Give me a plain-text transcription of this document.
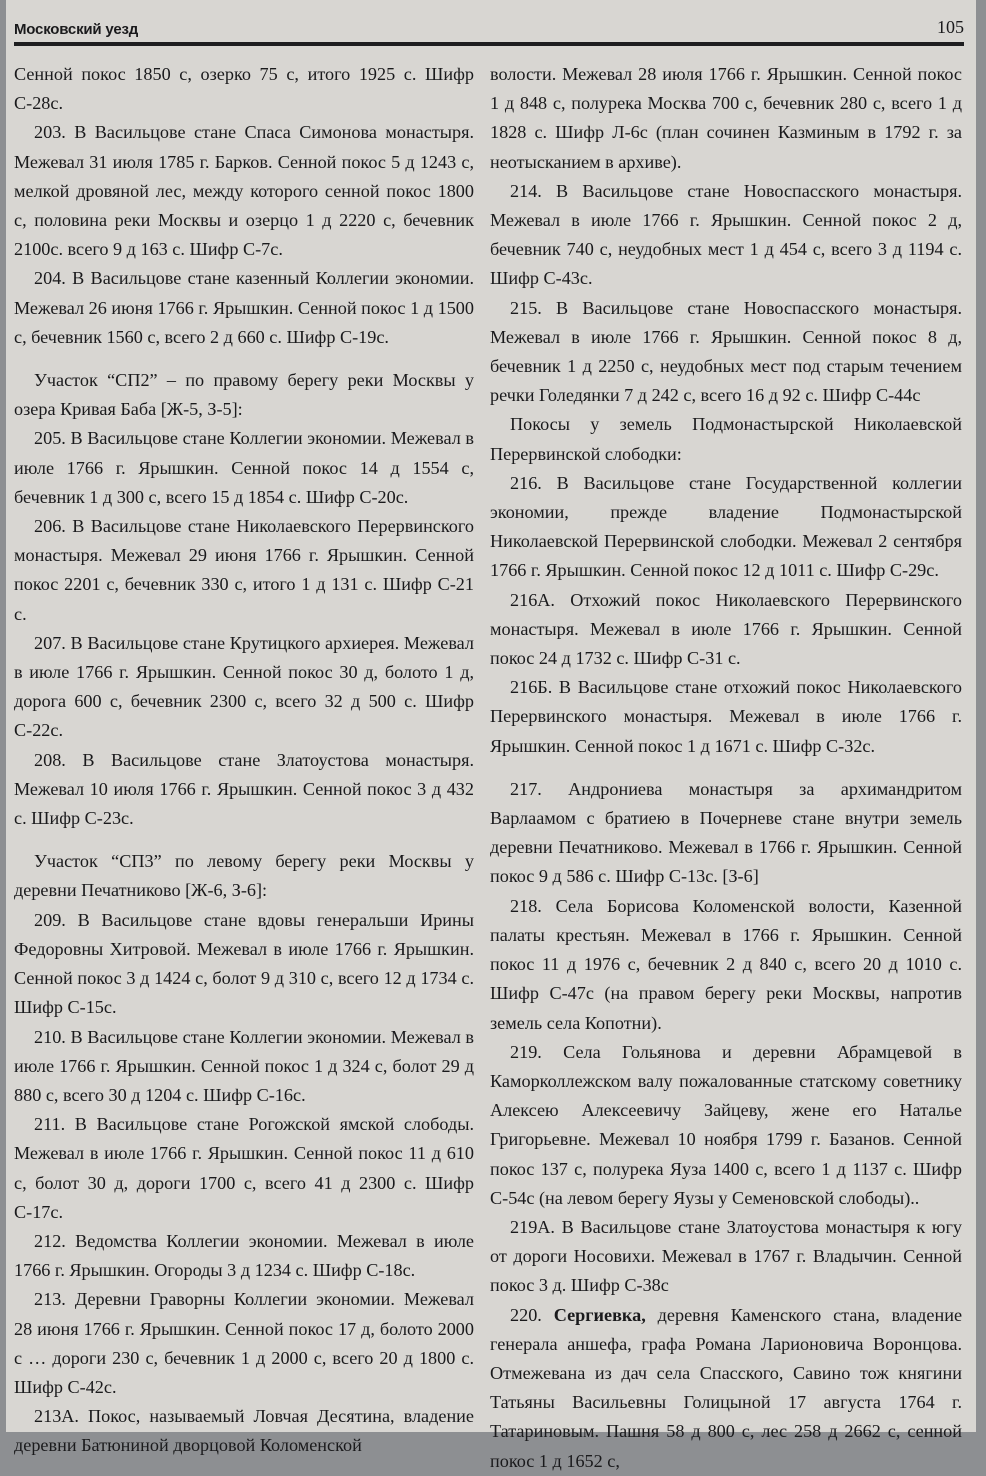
Московский уезд	105

Сенной покос 1850 с, озерко 75 с, итого 1925 с. Шифр С-28с.

203. В Васильцове стане Спаса Симонова монастыря. Межевал 31 июля 1785 г. Барков. Сенной покос 5 д 1243 с, мелкой дровяной лес, между которого сенной покос 1800 с, половина реки Москвы и озерцо 1 д 2220 с, бечевник 2100с. всего 9 д 163 с. Шифр С-7с.

204. В Васильцове стане казенный Коллегии экономии. Межевал 26 июня 1766 г. Ярышкин. Сенной покос 1 д 1500 с, бечевник 1560 с, всего 2 д 660 с. Шифр С-19с.

Участок “СП2” – по правому берегу реки Москвы у озера Кривая Баба [Ж-5, З-5]:

205. В Васильцове стане Коллегии экономии. Межевал в июле 1766 г. Ярышкин. Сенной покос 14 д 1554 с, бечевник 1 д 300 с, всего 15 д 1854 с. Шифр С-20с.

206. В Васильцове стане Николаевского Перервинского монастыря. Межевал 29 июня 1766 г. Ярышкин. Сенной покос 2201 с, бечевник 330 с, итого 1 д 131 с. Шифр С-21 с.

207. В Васильцове стане Крутицкого архиерея. Межевал в июле 1766 г. Ярышкин. Сенной покос 30 д, болото 1 д, дорога 600 с, бечевник 2300 с, всего 32 д 500 с. Шифр С-22с.

208. В Васильцове стане Златоустова монастыря. Межевал 10 июля 1766 г. Ярышкин. Сенной покос 3 д 432 с. Шифр С-23с.

Участок “СП3” по левому берегу реки Москвы у деревни Печатниково [Ж-6, З-6]:

209. В Васильцове стане вдовы генеральши Ирины Федоровны Хитровой. Межевал в июле 1766 г. Ярышкин. Сенной покос 3 д 1424 с, болот 9 д 310 с, всего 12 д 1734 с. Шифр С-15с.

210. В Васильцове стане Коллегии экономии. Межевал в июле 1766 г. Ярышкин. Сенной покос 1 д 324 с, болот 29 д 880 с, всего 30 д 1204 с. Шифр С-16с.

211. В Васильцове стане Рогожской ямской слободы. Межевал в июле 1766 г. Ярышкин. Сенной покос 11 д 610 с, болот 30 д, дороги 1700 с, всего 41 д 2300 с. Шифр С-17с.

212. Ведомства Коллегии экономии. Межевал в июле 1766 г. Ярышкин. Огороды 3 д 1234 с. Шифр С-18с.

213. Деревни Граворны Коллегии экономии. Межевал 28 июня 1766 г. Ярышкин. Сенной покос 17 д, болото 2000 с … дороги 230 с, бечевник 1 д 2000 с, всего 20 д 1800 с. Шифр С-42с.

213А. Покос, называемый Ловчая Десятина, владение деревни Батюниной дворцовой Коломенской

волости. Межевал 28 июля 1766 г. Ярышкин. Сенной покос 1 д 848 с, полурека Москва 700 с, бечевник 280 с, всего 1 д 1828 с. Шифр Л-6с (план сочинен Казминым в 1792 г. за неотысканием в архиве).

214. В Васильцове стане Новоспасского монастыря. Межевал в июле 1766 г. Ярышкин. Сенной покос 2 д, бечевник 740 с, неудобных мест 1 д 454 с, всего 3 д 1194 с. Шифр С-43с.

215. В Васильцове стане Новоспасского монастыря. Межевал в июле 1766 г. Ярышкин. Сенной покос 8 д, бечевник 1 д 2250 с, неудобных мест под старым течением речки Голедянки 7 д 242 с, всего 16 д 92 с. Шифр С-44с

Покосы у земель Подмонастырской Николаевской Перервинской слободки:

216. В Васильцове стане Государственной коллегии экономии, прежде владение Подмонастырской Николаевской Перервинской слободки. Межевал 2 сентября 1766 г. Ярышкин. Сенной покос 12 д 1011 с. Шифр С-29с.

216А. Отхожий покос Николаевского Перервинского монастыря. Межевал в июле 1766 г. Ярышкин. Сенной покос 24 д 1732 с. Шифр С-31 с.

216Б. В Васильцове стане отхожий покос Николаевского Перервинского монастыря. Межевал в июле 1766 г. Ярышкин. Сенной покос 1 д 1671 с. Шифр С-32с.

217. Андрониева монастыря за архимандритом Варлаамом с братиею в Почерневе стане внутри земель деревни Печатниково. Межевал в 1766 г. Ярышкин. Сенной покос 9 д 586 с. Шифр С-13с. [З-6]

218. Села Борисова Коломенской волости, Казенной палаты крестьян. Межевал в 1766 г. Ярышкин. Сенной покос 11 д 1976 с, бечевник 2 д 840 с, всего 20 д 1010 с. Шифр С-47с (на правом берегу реки Москвы, напротив земель села Копотни).

219. Села Гольянова и деревни Абрамцевой в Каморколлежском валу пожалованные статскому советнику Алексею Алексеевичу Зайцеву, жене его Наталье Григорьевне. Межевал 10 ноября 1799 г. Базанов. Сенной покос 137 с, полурека Яуза 1400 с, всего 1 д 1137 с. Шифр С-54с (на левом берегу Яузы у Семеновской слободы)..

219А. В Васильцове стане Златоустова монастыря к югу от дороги Носовихи. Межевал в 1767 г. Владычин. Сенной покос 3 д. Шифр С-38с

220. Сергиевка, деревня Каменского стана, владение генерала аншефа, графа Романа Ларионовича Воронцова. Отмежевана из дач села Спасского, Савино тож княгини Татьяны Васильевны Голицыной 17 августа 1764 г. Татариновым. Пашня 58 д 800 с, лес 258 д 2662 с, сенной покос 1 д 1652 с,
